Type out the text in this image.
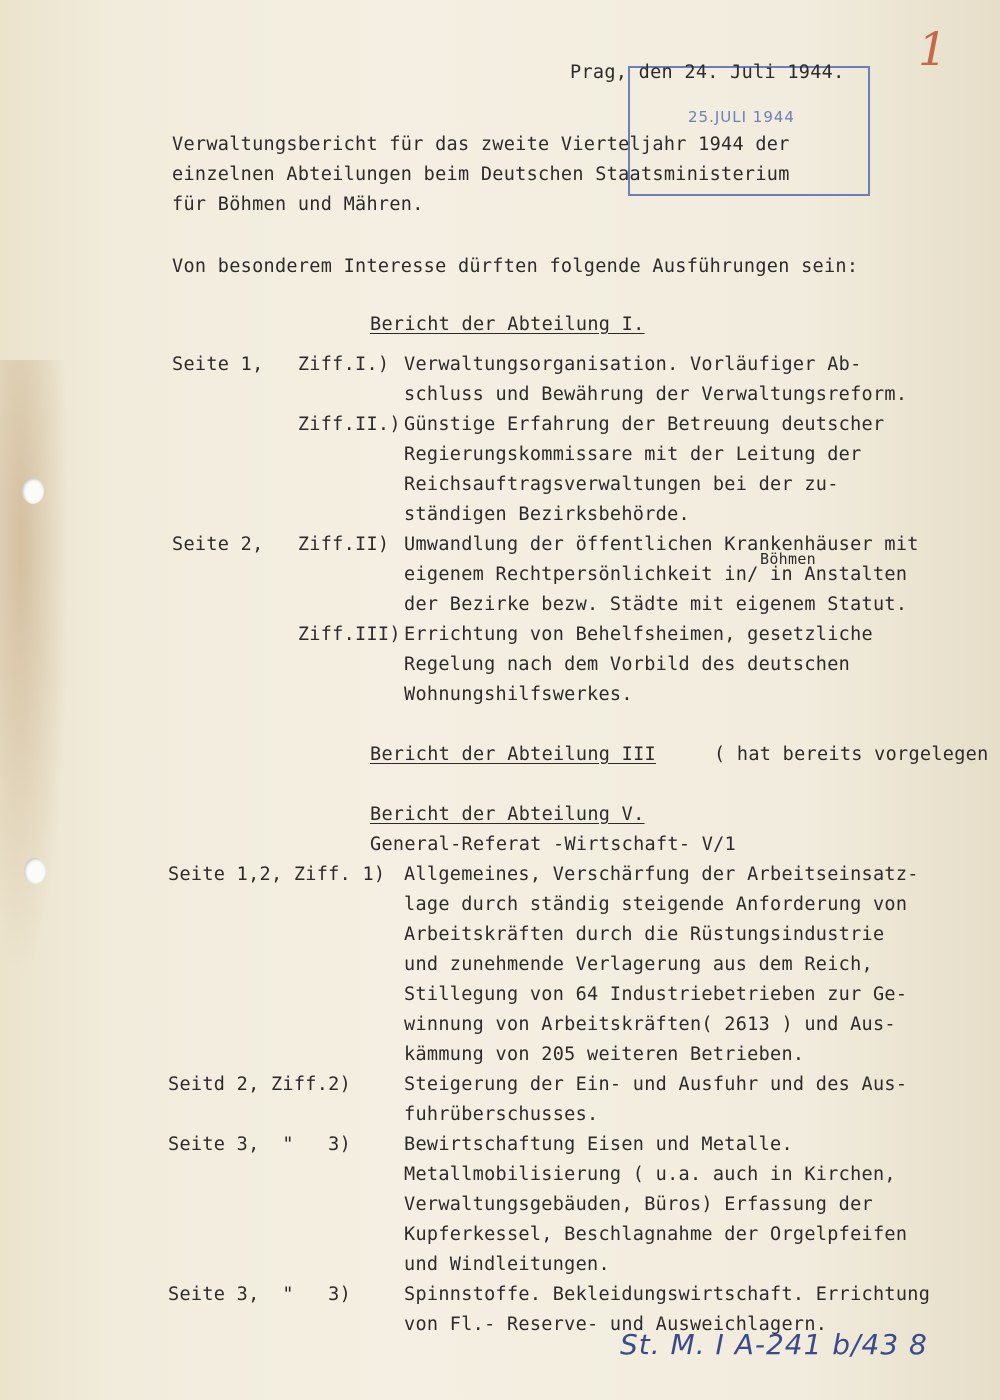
1
25.JULI 1944
Prag, den 24. Juli 1944.
Verwaltungsbericht für das zweite Vierteljahr 1944 der
einzelnen Abteilungen beim Deutschen Staatsministerium
für Böhmen und Mähren.
Von besonderem Interesse dürften folgende Ausführungen sein:
Bericht der Abteilung I.
Seite 1,   Ziff.I.) Verwaltungsorganisation. Vorläufiger Ab-
schluss und Bewährung der Verwaltungsreform.
Ziff.II.) Günstige Erfahrung der Betreuung deutscher
Regierungskommissare mit der Leitung der
Reichsauftragsverwaltungen bei der zu-
ständigen Bezirksbehörde.
Seite 2,   Ziff.II) Umwandlung der öffentlichen Krankenhäuser mit
Böhmen
eigenem Rechtpersönlichkeit in/ in Anstalten
der Bezirke bezw. Städte mit eigenem Statut.
Ziff.III) Errichtung von Behelfsheimen, gesetzliche
Regelung nach dem Vorbild des deutschen
Wohnungshilfswerkes.
Bericht der Abteilung III	( hat bereits vorgelegen
Bericht der Abteilung V.
General-Referat -Wirtschaft- V/1
Seite 1,2, Ziff. 1) Allgemeines, Verschärfung der Arbeitseinsatz-
lage durch ständig steigende Anforderung von
Arbeitskräften durch die Rüstungsindustrie
und zunehmende Verlagerung aus dem Reich,
Stillegung von 64 Industriebetrieben zur Ge-
winnung von Arbeitskräften( 2613 ) und Aus-
kämmung von 205 weiteren Betrieben.
Seitd 2, Ziff.2)	Steigerung der Ein- und Ausfuhr und des Aus-
fuhrüberschusses.
Seite 3,  "   3)	Bewirtschaftung Eisen und Metalle.
Metallmobilisierung ( u.a. auch in Kirchen,
Verwaltungsgebäuden, Büros) Erfassung der
Kupferkessel, Beschlagnahme der Orgelpfeifen
und Windleitungen.
Seite 3,  "   3)	Spinnstoffe. Bekleidungswirtschaft. Errichtung
von Fl.- Reserve- und Ausweichlagern.
St. M. I A-241 b/43 8
